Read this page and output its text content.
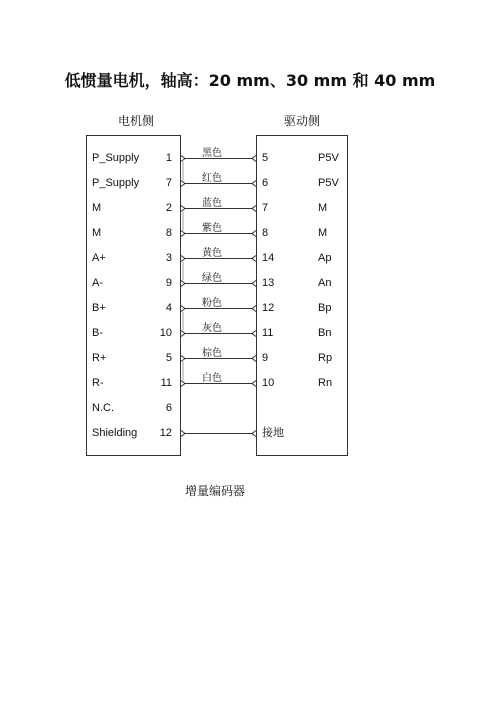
低惯量电机，轴高：20 mm、30 mm 和 40 mm
电机侧	驱动侧
P_Supply	1	5	P5V
黑色
P_Supply	7	6	P5V
红色
M	2	7	M
蓝色
M	8	8	M
紫色
A+	3	14	Ap
黄色
A-	9	13	An
绿色
B+	4	12	Bp
粉色
B-	10	11	Bn
灰色
R+	5	9	Rp
棕色
R-	11	10	Rn
白色
N.C.	6
Shielding	12	接地
增量编码器
